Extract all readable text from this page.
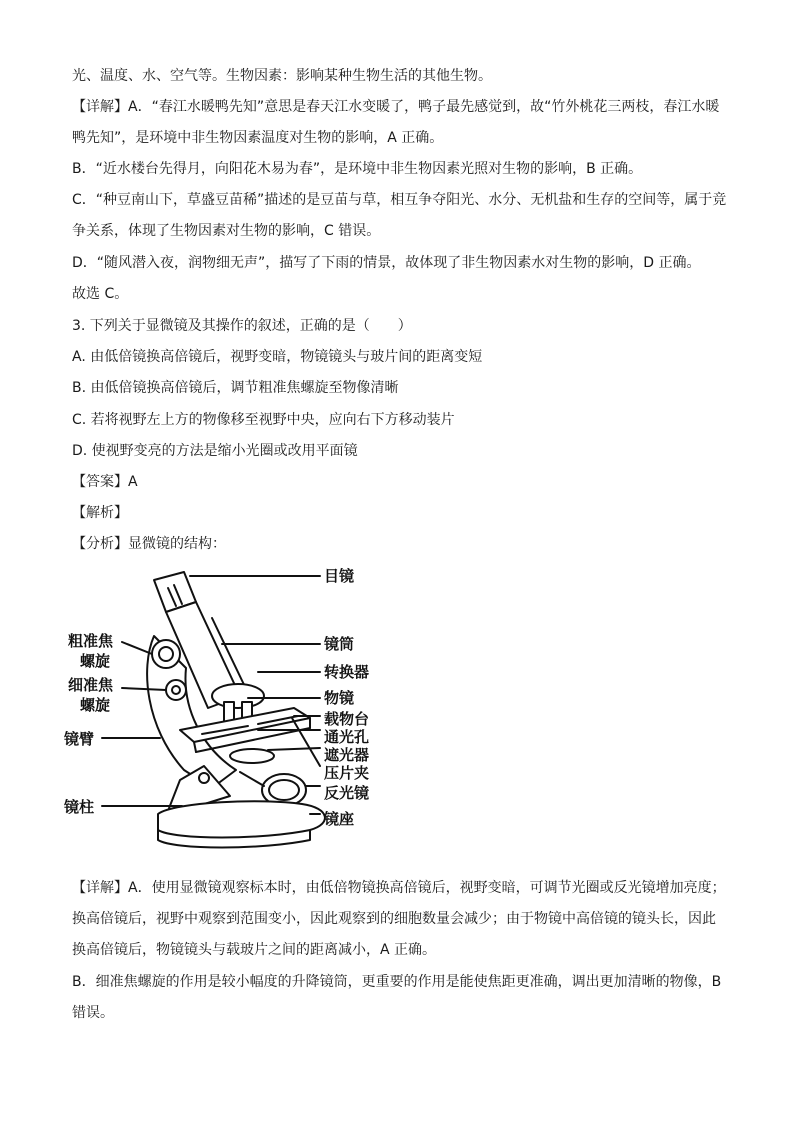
光、温度、水、空气等。生物因素：影响某种生物生活的其他生物。
【详解】A．“春江水暖鸭先知”意思是春天江水变暖了，鸭子最先感觉到，故“竹外桃花三两枝，春江水暖
鸭先知”，是环境中非生物因素温度对生物的影响，A 正确。
B．“近水楼台先得月，向阳花木易为春”，是环境中非生物因素光照对生物的影响，B 正确。
C．“种豆南山下，草盛豆苗稀”描述的是豆苗与草，相互争夺阳光、水分、无机盐和生存的空间等，属于竞
争关系，体现了生物因素对生物的影响，C 错误。
D．“随风潜入夜，润物细无声”，描写了下雨的情景，故体现了非生物因素水对生物的影响，D 正确。
故选 C。
3. 下列关于显微镜及其操作的叙述，正确的是（　　）
A. 由低倍镜换高倍镜后，视野变暗，物镜镜头与玻片间的距离变短
B. 由低倍镜换高倍镜后，调节粗准焦螺旋至物像清晰
C. 若将视野左上方的物像移至视野中央，应向右下方移动装片
D. 使视野变亮的方法是缩小光圈或改用平面镜
【答案】A
【解析】
【分析】显微镜的结构：
目镜
镜筒
转换器
物镜
载物台
通光孔
遮光器
压片夹
反光镜
镜座
粗准焦
螺旋
细准焦
螺旋
镜臂
镜柱
【详解】A．使用显微镜观察标本时，由低倍物镜换高倍镜后，视野变暗，可调节光圈或反光镜增加亮度；
换高倍镜后，视野中观察到范围变小，因此观察到的细胞数量会减少；由于物镜中高倍镜的镜头长，因此
换高倍镜后，物镜镜头与载玻片之间的距离减小，A 正确。
B．细准焦螺旋的作用是较小幅度的升降镜筒，更重要的作用是能使焦距更准确，调出更加清晰的物像，B
错误。
